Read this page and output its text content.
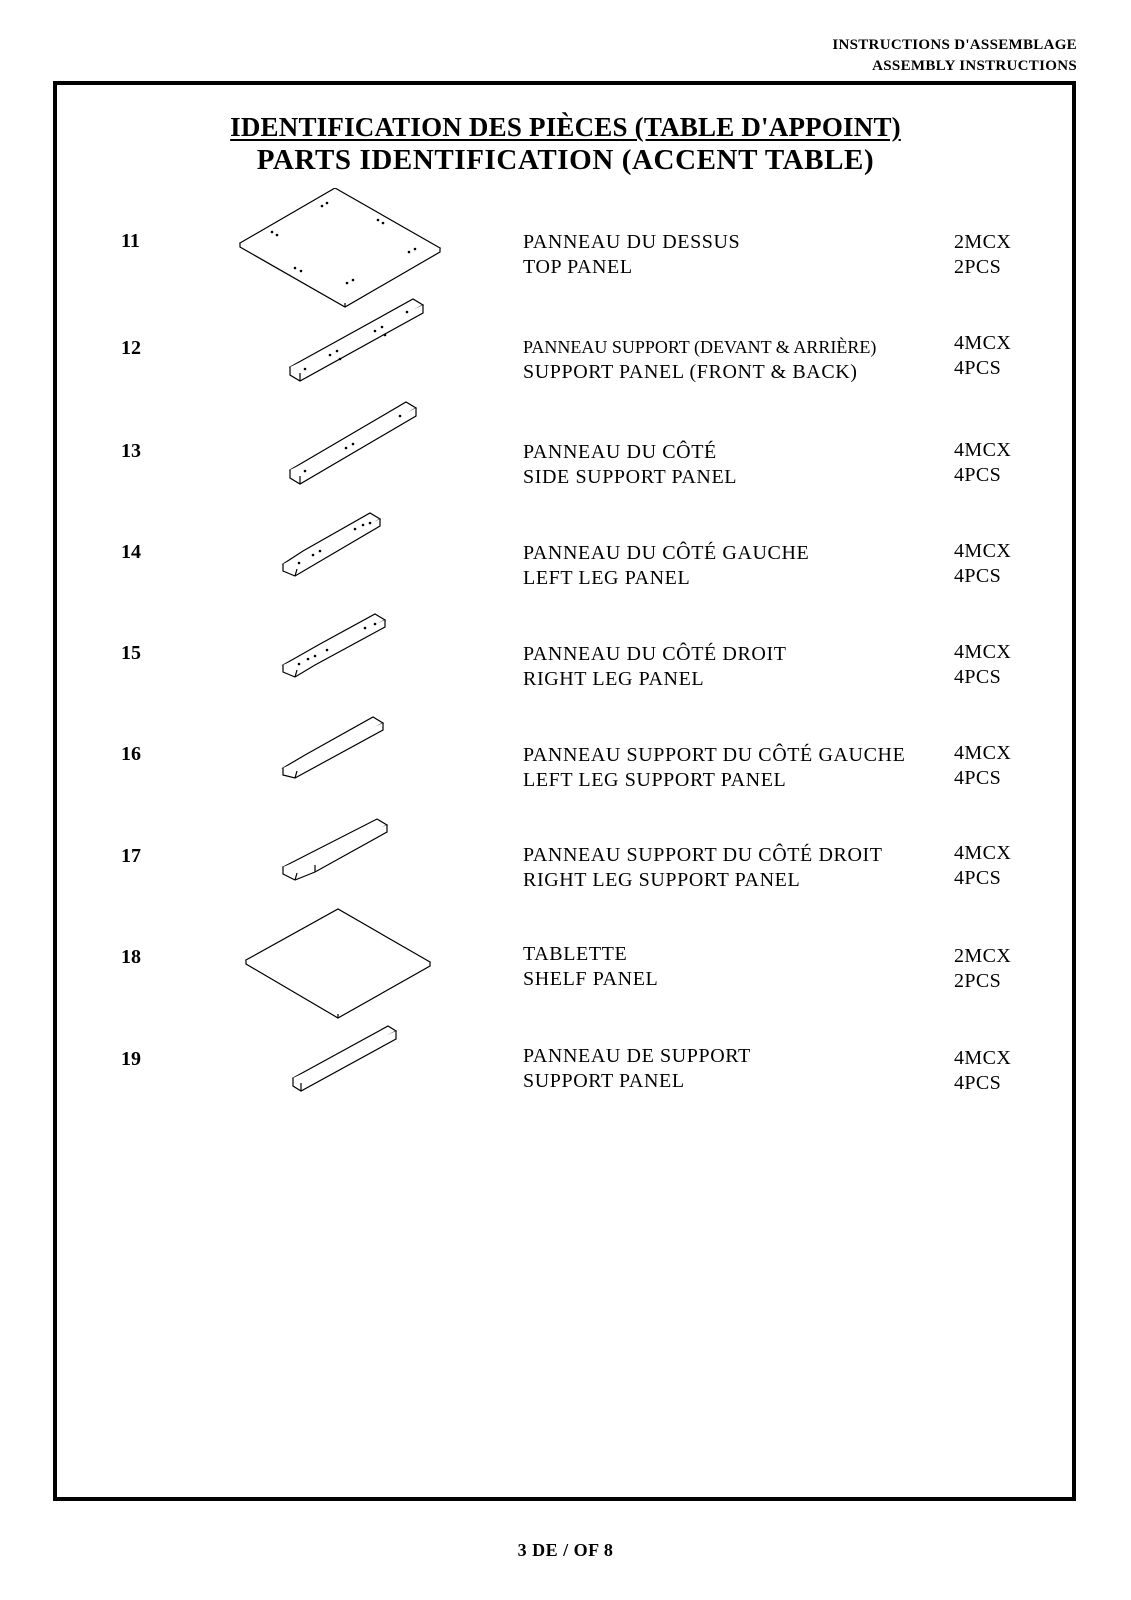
INSTRUCTIONS D'ASSEMBLAGE
ASSEMBLY INSTRUCTIONS
IDENTIFICATION DES PIÈCES (TABLE D'APPOINT)
PARTS IDENTIFICATION (ACCENT TABLE)
11	PANNEAU DU DESSUS
TOP PANEL
2MCX
2PCS
12	PANNEAU SUPPORT (DEVANT & ARRIÈRE)
SUPPORT PANEL (FRONT & BACK)
4MCX
4PCS
13	PANNEAU DU CÔTÉ
SIDE SUPPORT PANEL
4MCX
4PCS
14	PANNEAU DU CÔTÉ GAUCHE
LEFT LEG PANEL
4MCX
4PCS
15	PANNEAU DU CÔTÉ DROIT
RIGHT LEG PANEL
4MCX
4PCS
16	PANNEAU SUPPORT DU CÔTÉ GAUCHE
LEFT LEG SUPPORT PANEL
4MCX
4PCS
17	PANNEAU SUPPORT DU CÔTÉ DROIT
RIGHT LEG SUPPORT PANEL
4MCX
4PCS
18	TABLETTE
SHELF PANEL
2MCX
2PCS
19	PANNEAU DE SUPPORT
SUPPORT PANEL
4MCX
4PCS
3 DE / OF 8
